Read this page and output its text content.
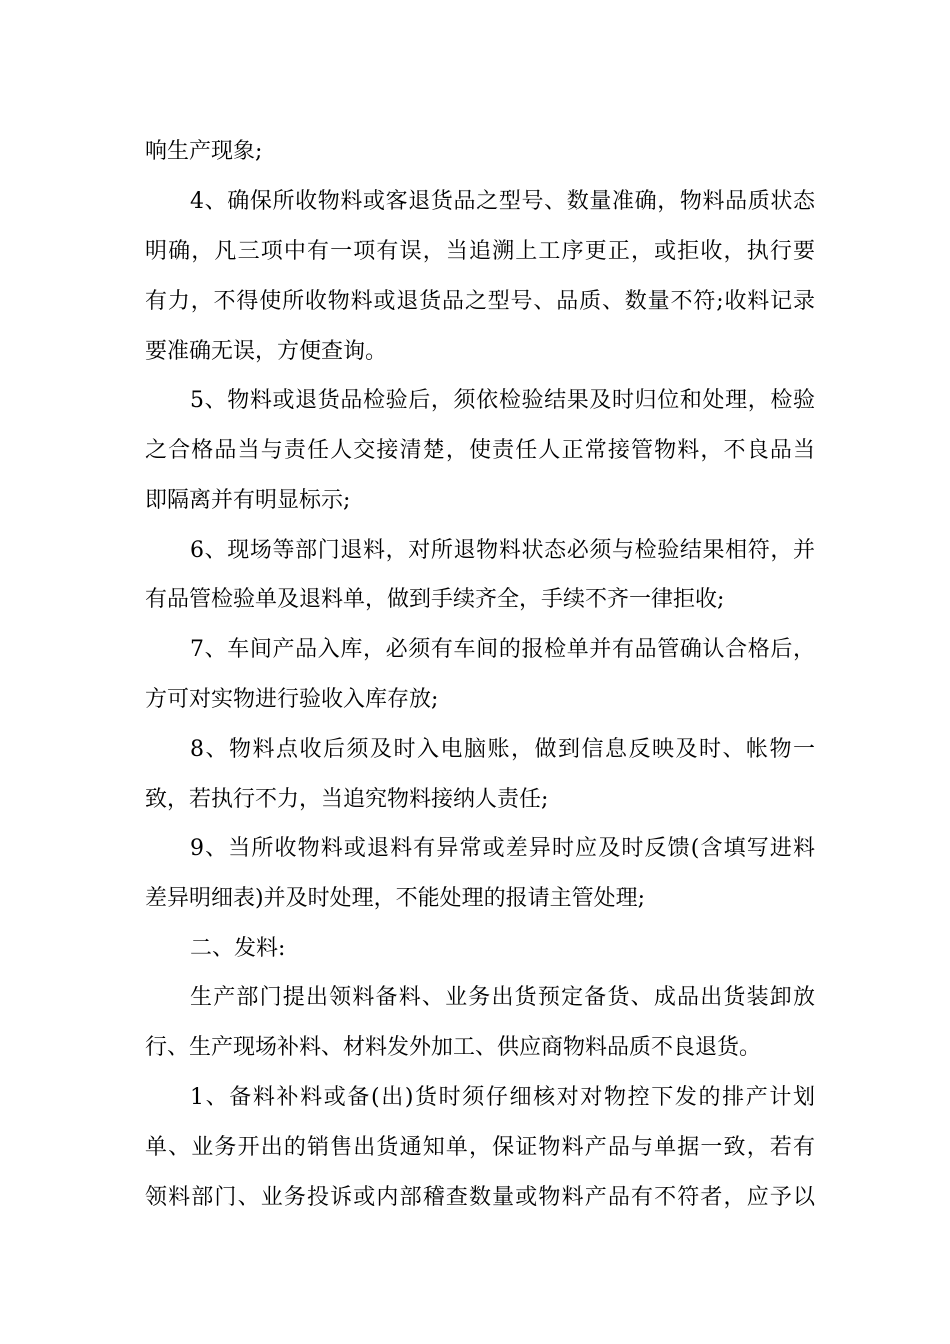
响生产现象;
4、确保所收物料或客退货品之型号、数量准确，物料品质状态
明确，凡三项中有一项有误，当追溯上工序更正，或拒收，执行要
有力，不得使所收物料或退货品之型号、品质、数量不符;收料记录
要准确无误，方便查询。
5、物料或退货品检验后，须依检验结果及时归位和处理，检验
之合格品当与责任人交接清楚，使责任人正常接管物料，不良品当
即隔离并有明显标示;
6、现场等部门退料，对所退物料状态必须与检验结果相符，并
有品管检验单及退料单，做到手续齐全，手续不齐一律拒收;
7、车间产品入库，必须有车间的报检单并有品管确认合格后，
方可对实物进行验收入库存放;
8、物料点收后须及时入电脑账，做到信息反映及时、帐物一
致，若执行不力，当追究物料接纳人责任;
9、当所收物料或退料有异常或差异时应及时反馈(含填写进料
差异明细表)并及时处理，不能处理的报请主管处理;
二、发料:
生产部门提出领料备料、业务出货预定备货、成品出货装卸放
行、生产现场补料、材料发外加工、供应商物料品质不良退货。
1、备料补料或备(出)货时须仔细核对对物控下发的排产计划
单、业务开出的销售出货通知单，保证物料产品与单据一致，若有
领料部门、业务投诉或内部稽查数量或物料产品有不符者，应予以
